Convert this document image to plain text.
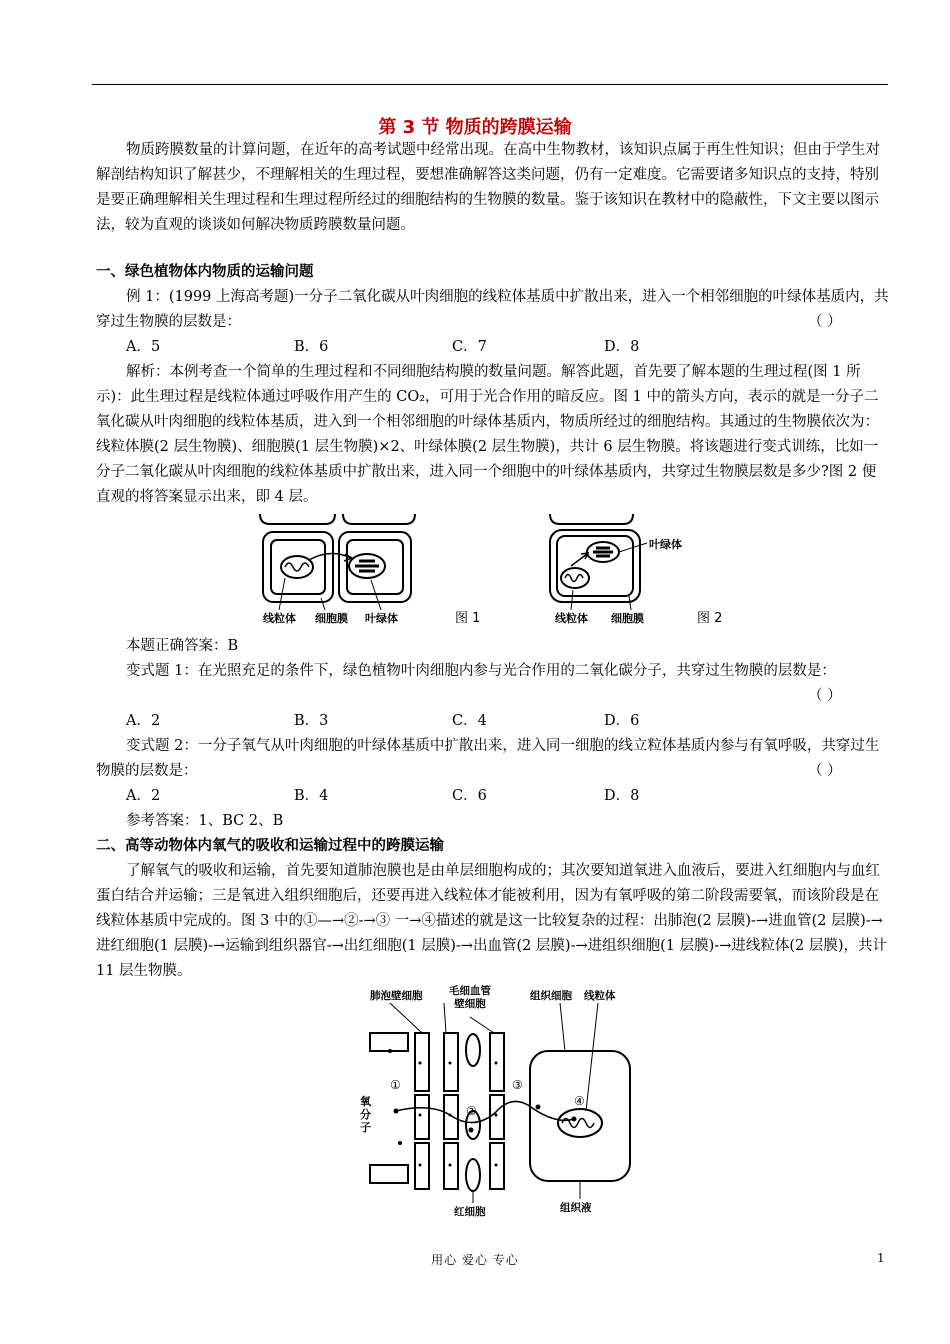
第 3 节 物质的跨膜运输
物质跨膜数量的计算问题，在近年的高考试题中经常出现。在高中生物教材，该知识点属于再生性知识；但由于学生对解剖结构知识了解甚少，不理解相关的生理过程，要想准确解答这类问题，仍有一定难度。它需要诸多知识点的支持，特别是要正确理解相关生理过程和生理过程所经过的细胞结构的生物膜的数量。鉴于该知识在教材中的隐蔽性，下文主要以图示法，较为直观的谈谈如何解决物质跨膜数量问题。
一、绿色植物体内物质的运输问题
例 1：(1999 上海高考题)一分子二氧化碳从叶肉细胞的线粒体基质中扩散出来，进入一个相邻细胞的叶绿体基质内，共穿过生物膜的层数是：	（ ）
A．5	B．6	C．7	D．8
解析：本例考查一个简单的生理过程和不同细胞结构膜的数量问题。解答此题，首先要了解本题的生理过程(图 1 所示)：此生理过程是线粒体通过呼吸作用产生的 CO₂，可用于光合作用的暗反应。图 1 中的箭头方向，表示的就是一分子二氧化碳从叶肉细胞的线粒体基质，进入到一个相邻细胞的叶绿体基质内，物质所经过的细胞结构。其通过的生物膜依次为：线粒体膜(2 层生物膜)、细胞膜(1 层生物膜)×2、叶绿体膜(2 层生物膜)，共计 6 层生物膜。将该题进行变式训练，比如一分子二氧化碳从叶肉细胞的线粒体基质中扩散出来，进入同一个细胞中的叶绿体基质内，共穿过生物膜层数是多少?图 2 便直观的将答案显示出来，即 4 层。
线粒体 细胞膜 叶绿体	图 1
叶绿体
线粒体 细胞膜	图 2
本题正确答案：B
变式题 1：在光照充足的条件下，绿色植物叶肉细胞内参与光合作用的二氧化碳分子，共穿过生物膜的层数是：
（ ）
A．2	B．3	C．4	D．6
变式题 2：一分子氧气从叶肉细胞的叶绿体基质中扩散出来，进入同一细胞的线立粒体基质内参与有氧呼吸，共穿过生物膜的层数是：	（ ）
A．2	B．4	C．6	D．8
参考答案：1、BC 2、B
二、高等动物体内氧气的吸收和运输过程中的跨膜运输
了解氧气的吸收和运输，首先要知道肺泡膜也是由单层细胞构成的；其次要知道氧进入血液后，要进入红细胞内与血红蛋白结合并运输；三是氧进入组织细胞后，还要再进入线粒体才能被利用，因为有氧呼吸的第二阶段需要氧，而该阶段是在线粒体基质中完成的。图 3 中的①—→②-→③ 一→④描述的就是这一比较复杂的过程：出肺泡(2 层膜)-→进血管(2 层膜)-→进红细胞(1 层膜)-→运输到组织器官-→出红细胞(1 层膜)-→出血管(2 层膜)-→进组织细胞(1 层膜)-→进线粒体(2 层膜)，共计 11 层生物膜。
肺泡壁细胞	毛细血管壁细胞
组织细胞 线粒体
氧分子
①
②
③
④
红细胞	组织液
用心 爱心 专心	1
